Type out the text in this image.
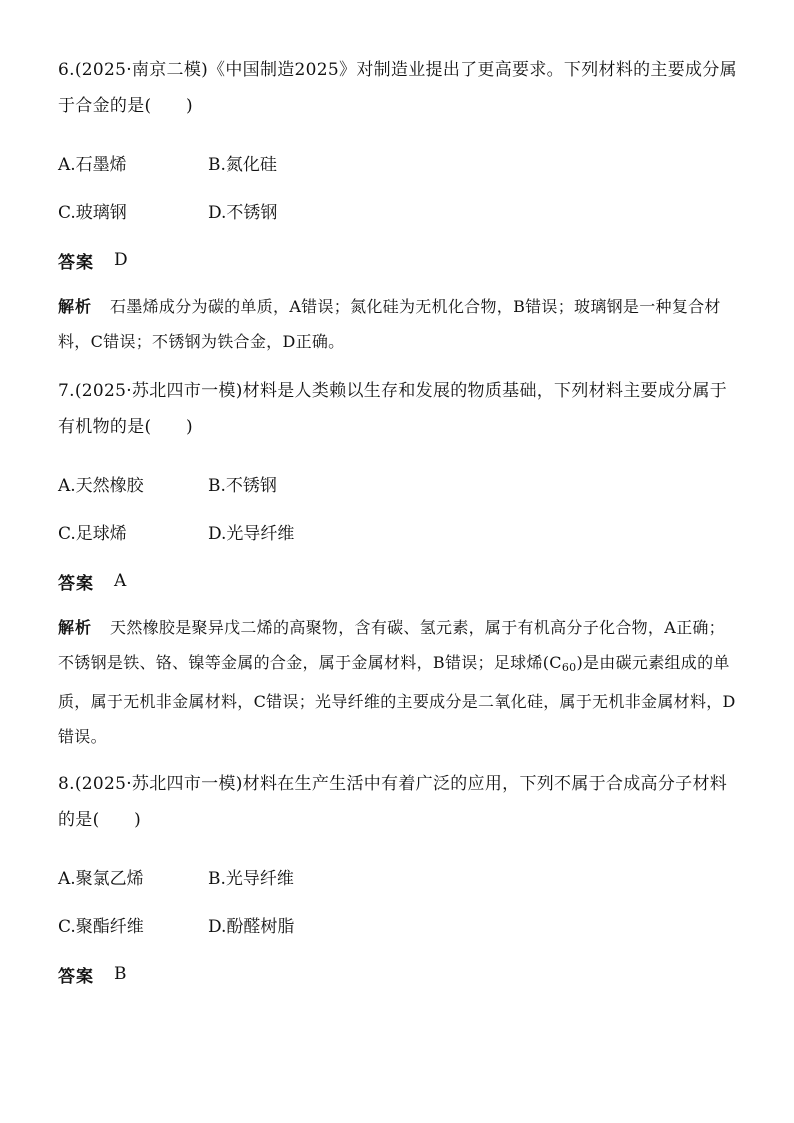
6.(2025·南京二模)《中国制造2025》对制造业提出了更高要求。下列材料的主要成分属于合金的是(　　)

A.石墨烯	B.氮化硅
C.玻璃钢	D.不锈钢
答案 D

解析 石墨烯成分为碳的单质，A错误；氮化硅为无机化合物，B错误；玻璃钢是一种复合材料，C错误；不锈钢为铁合金，D正确。

7.(2025·苏北四市一模)材料是人类赖以生存和发展的物质基础，下列材料主要成分属于有机物的是(　　)

A.天然橡胶	B.不锈钢
C.足球烯	D.光导纤维
答案 A

解析 天然橡胶是聚异戊二烯的高聚物，含有碳、氢元素，属于有机高分子化合物，A正确；不锈钢是铁、铬、镍等金属的合金，属于金属材料，B错误；足球烯$(C_{60})$是由碳元素组成的单质，属于无机非金属材料，C错误；光导纤维的主要成分是二氧化硅，属于无机非金属材料，D错误。

8.(2025·苏北四市一模)材料在生产生活中有着广泛的应用，下列不属于合成高分子材料的是(　　)

A.聚氯乙烯	B.光导纤维
C.聚酯纤维	D.酚醛树脂
答案 B
